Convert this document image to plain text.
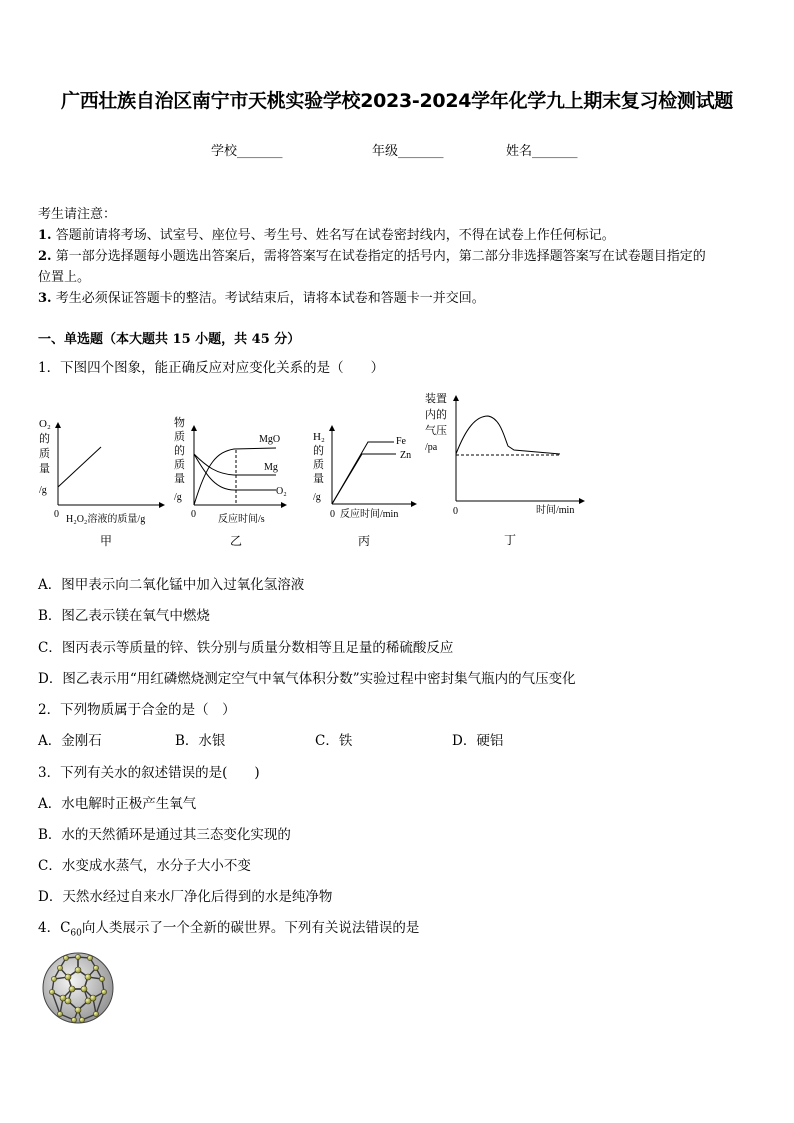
广西壮族自治区南宁市天桃实验学校2023-2024学年化学九上期末复习检测试题
学校_______	年级_______	姓名_______
考生请注意：
1. 答题前请将考场、试室号、座位号、考生号、姓名写在试卷密封线内，不得在试卷上作任何标记。
2. 第一部分选择题每小题选出答案后，需将答案写在试卷指定的括号内，第二部分非选择题答案写在试卷题目指定的
位置上。
3. 考生必须保证答题卡的整洁。考试结束后，请将本试卷和答题卡一并交回。
一、单选题（本大题共 15 小题，共 45 分）
1．下图四个图象，能正确反应对应变化关系的是（　　）
O₂
的
质
量
/g
0 H₂O₂溶液的质量/g
甲
MgO
Mg
O₂
物
质
的
质
量
/g
0 反应时间/s
乙
Fe
Zn
H₂
的
质
量
/g
0 反应时间/min
丙
装置
内的
气压
/pa
0	时间/min
丁
A．图甲表示向二氧化锰中加入过氧化氢溶液
B．图乙表示镁在氧气中燃烧
C．图丙表示等质量的锌、铁分别与质量分数相等且足量的稀硫酸反应
D．图乙表示用“用红磷燃烧测定空气中氧气体积分数”实验过程中密封集气瓶内的气压变化
2．下列物质属于合金的是（　）
A．金刚石	B．水银	C．铁	D．硬铝
3．下列有关水的叙述错误的是(　　)
A．水电解时正极产生氧气
B．水的天然循环是通过其三态变化实现的
C．水变成水蒸气，水分子大小不变
D．天然水经过自来水厂净化后得到的水是纯净物
4．$C_{60}$向人类展示了一个全新的碳世界。下列有关说法错误的是
